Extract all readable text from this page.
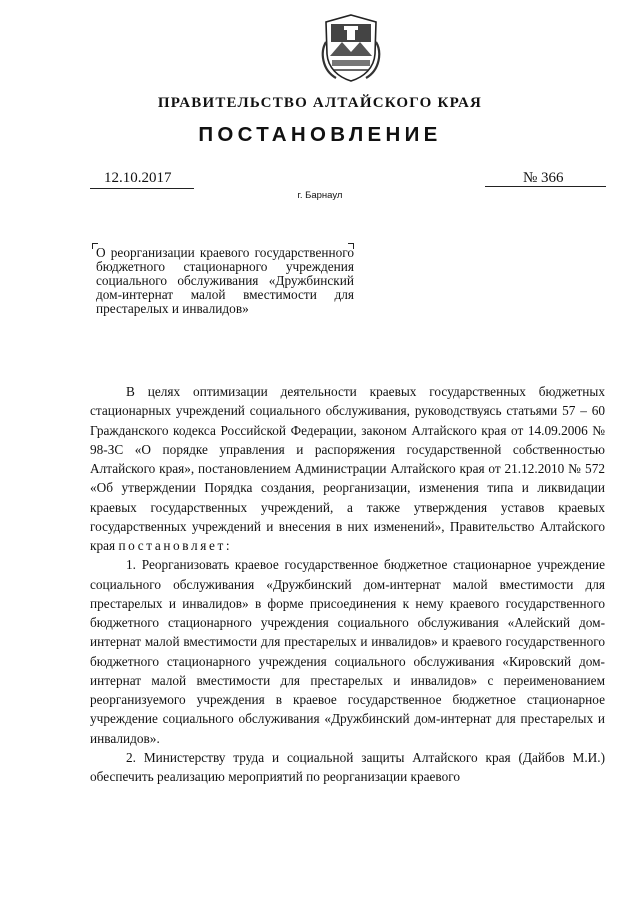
ПРАВИТЕЛЬСТВО АЛТАЙСКОГО КРАЯ
ПОСТАНОВЛЕНИЕ
12.10.2017
г. Барнаул
№ 366
О реорганизации краевого государственного бюджетного стационарного учреждения социального обслуживания «Дружбинский дом-интернат малой вместимости для престарелых и инвалидов»

В целях оптимизации деятельности краевых государственных бюджетных стационарных учреждений социального обслуживания, руководствуясь статьями 57 – 60 Гражданского кодекса Российской Федерации, законом Алтайского края от 14.09.2006 № 98-ЗС «О порядке управления и распоряжения государственной собственностью Алтайского края», постановлением Администрации Алтайского края от 21.12.2010 № 572 «Об утверждении Порядка создания, реорганизации, изменения типа и ликвидации краевых государственных учреждений, а также утверждения уставов краевых государственных учреждений и внесения в них изменений», Правительство Алтайского края постановляет:

1. Реорганизовать краевое государственное бюджетное стационарное учреждение социального обслуживания «Дружбинский дом-интернат малой вместимости для престарелых и инвалидов» в форме присоединения к нему краевого государственного бюджетного стационарного учреждения социального обслуживания «Алейский дом-интернат малой вместимости для престарелых и инвалидов» и краевого государственного бюджетного стационарного учреждения социального обслуживания «Кировский дом-интернат малой вместимости для престарелых и инвалидов» с переименованием реорганизуемого учреждения в краевое государственное бюджетное стационарное учреждение социального обслуживания «Дружбинский дом-интернат для престарелых и инвалидов».

2. Министерству труда и социальной защиты Алтайского края (Дайбов М.И.) обеспечить реализацию мероприятий по реорганизации краевого
